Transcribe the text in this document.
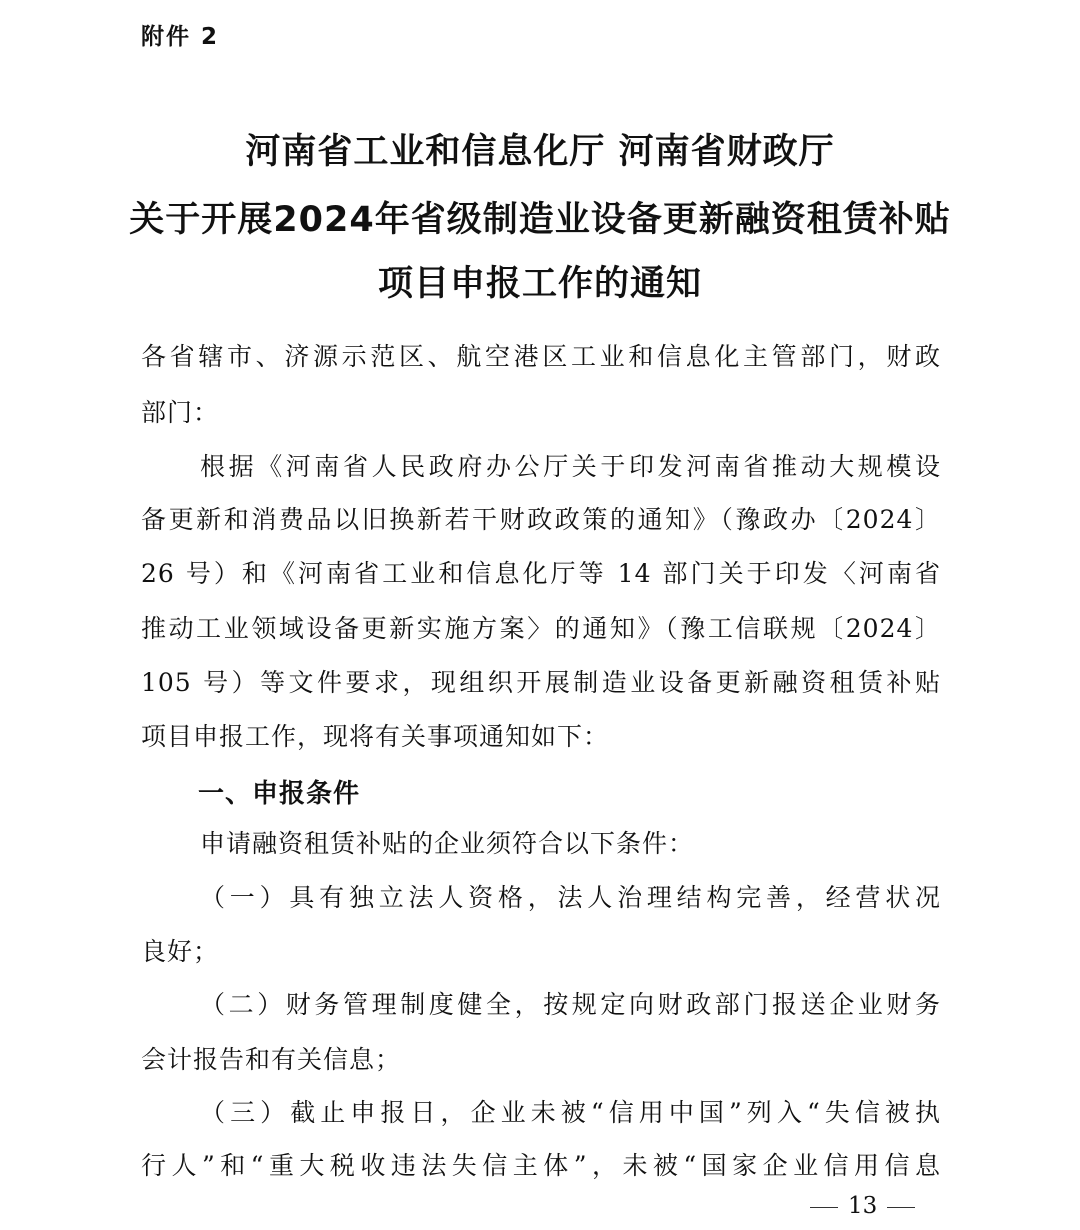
附件 2
河南省工业和信息化厅 河南省财政厅
关于开展2024年省级制造业设备更新融资租赁补贴
项目申报工作的通知
各省辖市、济源示范区、航空港区工业和信息化主管部门，财政
部门：
根据《河南省人民政府办公厅关于印发河南省推动大规模设
备更新和消费品以旧换新若干财政政策的通知》（豫政办〔2024〕
26 号）和《河南省工业和信息化厅等 14 部门关于印发〈河南省
推动工业领域设备更新实施方案〉的通知》（豫工信联规〔2024〕
105 号）等文件要求，现组织开展制造业设备更新融资租赁补贴
项目申报工作，现将有关事项通知如下：
一、申报条件
申请融资租赁补贴的企业须符合以下条件：
（一）具有独立法人资格，法人治理结构完善，经营状况
良好；
（二）财务管理制度健全，按规定向财政部门报送企业财务
会计报告和有关信息；
（三）截止申报日，企业未被“信用中国”列入“失信被执
行人”和“重大税收违法失信主体”，未被“国家企业信用信息
13
